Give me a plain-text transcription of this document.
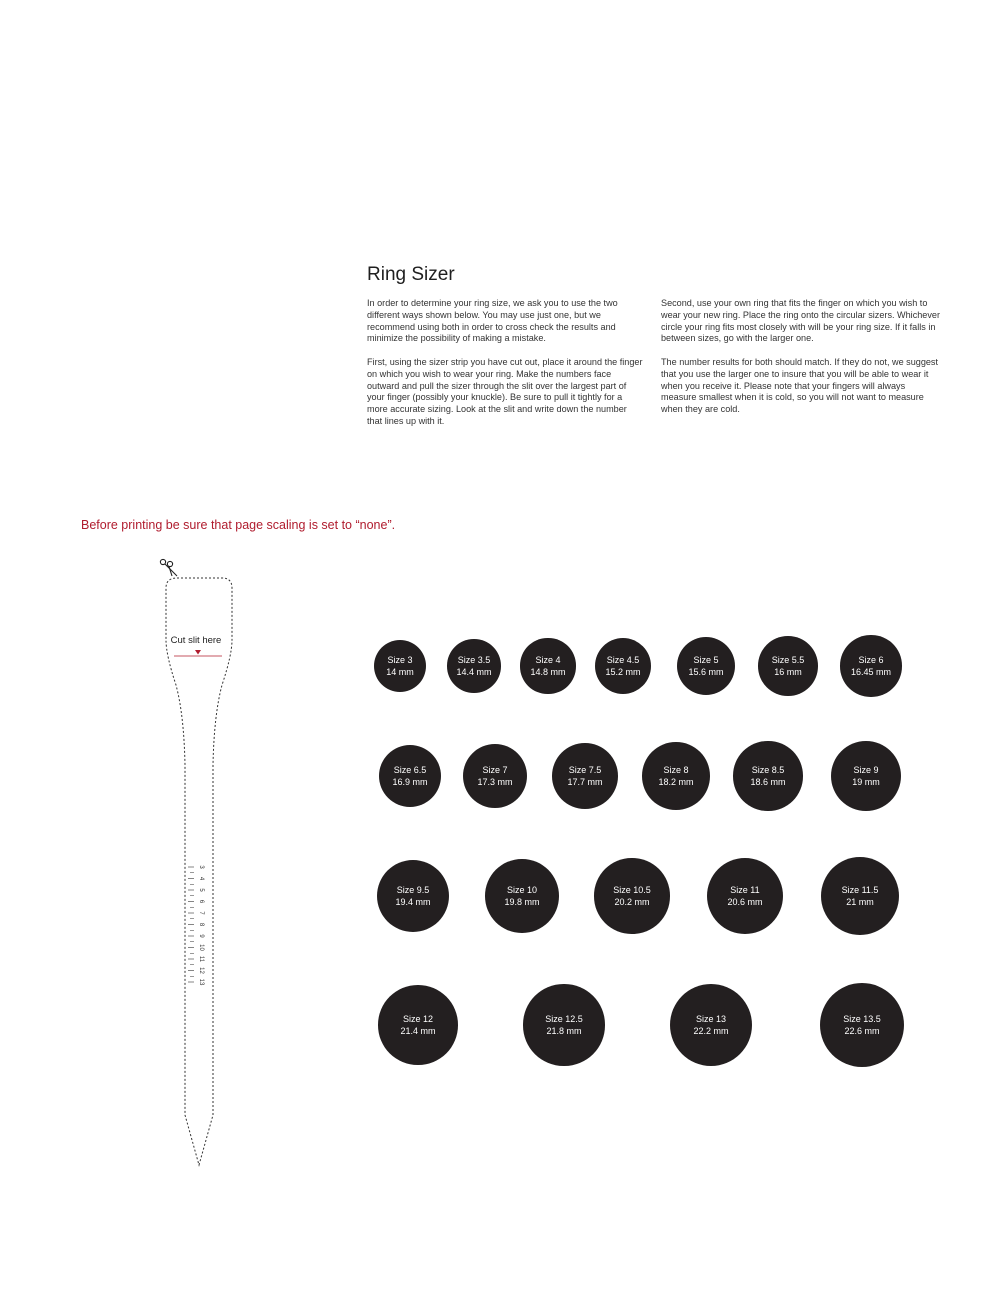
Ring Sizer

In order to determine your ring size, we ask you to use the two different ways shown below. You may use just one, but we recommend using both in order to cross check the results and minimize the possibility of making a mistake.

First, using the sizer strip you have cut out, place it around the finger on which you wish to wear your ring. Make the numbers face outward and pull the sizer through the slit over the largest part of your finger (possibly your knuckle). Be sure to pull it tightly for a more accurate sizing. Look at the slit and write down the number that lines up with it.

Second, use your own ring that fits the finger on which you wish to wear your new ring. Place the ring onto the circular sizers. Whichever circle your ring fits most closely with will be your ring size. If it falls in between sizes, go with the larger one.

The number results for both should match. If they do not, we suggest that you use the larger one to insure that you will be able to wear it when you receive it. Please note that your fingers will always measure smallest when it is cold, so you will not want to measure when they are cold.

Before printing be sure that page scaling is set to “none”.
Cut slit here
3
4
5
6
7
8
9
10
11
12
13
Size 3
14 mm
Size 3.5
14.4 mm
Size 4
14.8 mm
Size 4.5
15.2 mm
Size 5
15.6 mm
Size 5.5
16 mm
Size 6
16.45 mm
Size 6.5
16.9 mm
Size 7
17.3 mm
Size 7.5
17.7 mm
Size 8
18.2 mm
Size 8.5
18.6 mm
Size 9
19 mm
Size 9.5
19.4 mm
Size 10
19.8 mm
Size 10.5
20.2 mm
Size 11
20.6 mm
Size 11.5
21 mm
Size 12
21.4 mm
Size 12.5
21.8 mm
Size 13
22.2 mm
Size 13.5
22.6 mm
